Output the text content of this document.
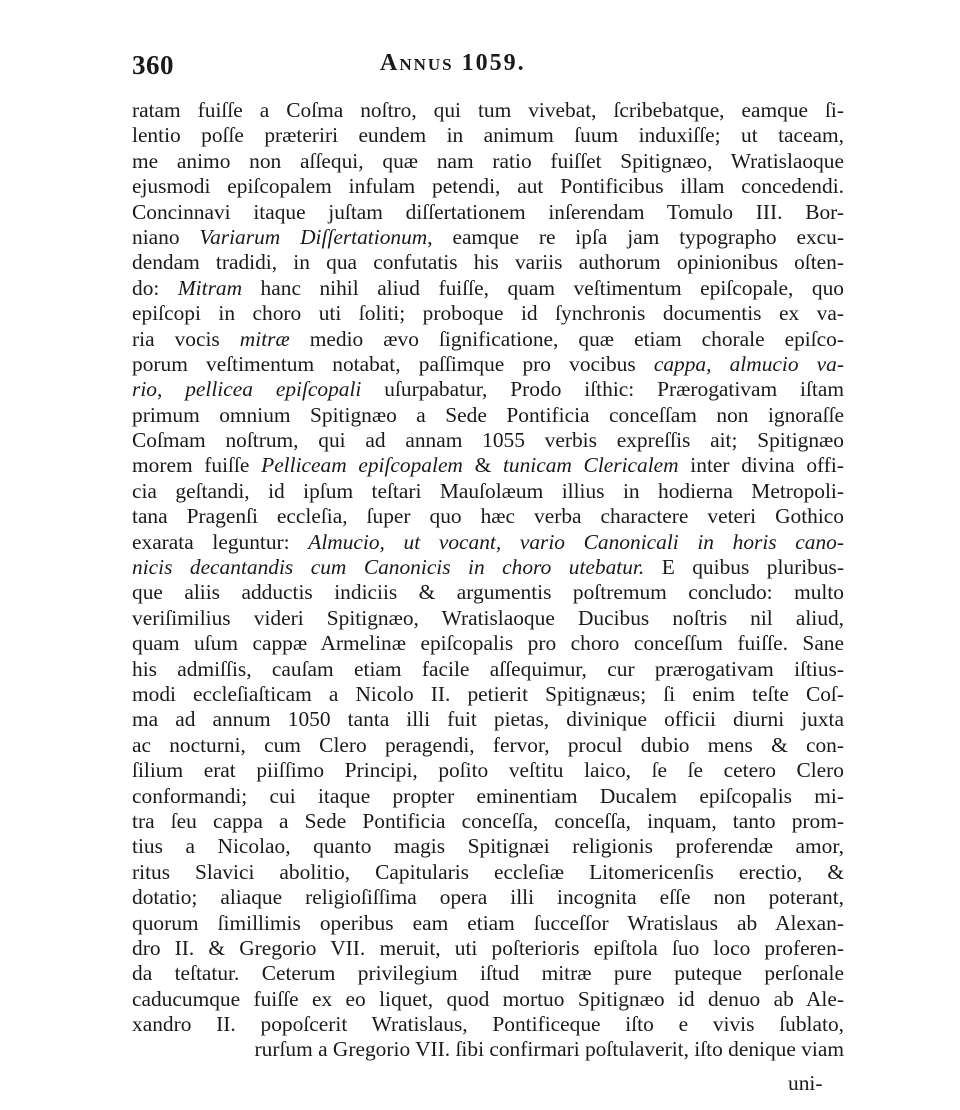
360	Annus 1059.
ratam fuiſſe a Coſma noſtro, qui tum vivebat, ſcribebatque, eamque ſi-
lentio poſſe præteriri eundem in animum ſuum induxiſſe; ut taceam,
me animo non aſſequi, quæ nam ratio fuiſſet Spitignæo, Wratislaoque
ejusmodi epiſcopalem infulam petendi, aut Pontificibus illam concedendi.
Concinnavi itaque juſtam diſſertationem inſerendam Tomulo III. Bor-
niano Variarum Diſſertationum, eamque re ipſa jam typographo excu-
dendam tradidi, in qua confutatis his variis authorum opinionibus oſten-
do: Mitram hanc nihil aliud fuiſſe, quam veſtimentum epiſcopale, quo
epiſcopi in choro uti ſoliti; proboque id ſynchronis documentis ex va-
ria vocis mitræ medio ævo ſignificatione, quæ etiam chorale epiſco-
porum veſtimentum notabat, paſſimque pro vocibus cappa, almucio va-
rio, pellicea epiſcopali uſurpabatur, Prodo iſthic: Prærogativam iſtam
primum omnium Spitignæo a Sede Pontificia conceſſam non ignoraſſe
Coſmam noſtrum, qui ad annam 1055 verbis expreſſis ait; Spitignæo
morem fuiſſe Pelliceam epiſcopalem & tunicam Clericalem inter divina offi-
cia geſtandi, id ipſum teſtari Mauſolæum illius in hodierna Metropoli-
tana Pragenſi eccleſia, ſuper quo hæc verba charactere veteri Gothico
exarata leguntur: Almucio, ut vocant, vario Canonicali in horis cano-
nicis decantandis cum Canonicis in choro utebatur. E quibus pluribus-
que aliis adductis indiciis & argumentis poſtremum concludo: multo
veriſimilius videri Spitignæo, Wratislaoque Ducibus noſtris nil aliud,
quam uſum cappæ Armelinæ epiſcopalis pro choro conceſſum fuiſſe. Sane
his admiſſis, cauſam etiam facile aſſequimur, cur prærogativam iſtius-
modi eccleſiaſticam a Nicolo II. petierit Spitignæus; ſi enim teſte Coſ-
ma ad annum 1050 tanta illi fuit pietas, divinique officii diurni juxta
ac nocturni, cum Clero peragendi, fervor, procul dubio mens & con-
ſilium erat piiſſimo Principi, poſito veſtitu laico, ſe ſe cetero Clero
conformandi; cui itaque propter eminentiam Ducalem epiſcopalis mi-
tra ſeu cappa a Sede Pontificia conceſſa, conceſſa, inquam, tanto prom-
tius a Nicolao, quanto magis Spitignæi religionis proferendæ amor,
ritus Slavici abolitio, Capitularis eccleſiæ Litomericenſis erectio, &
dotatio; aliaque religioſiſſima opera illi incognita eſſe non poterant,
quorum ſimillimis operibus eam etiam ſucceſſor Wratislaus ab Alexan-
dro II. & Gregorio VII. meruit, uti poſterioris epiſtola ſuo loco proferen-
da teſtatur. Ceterum privilegium iſtud mitræ pure puteque perſonale
caducumque fuiſſe ex eo liquet, quod mortuo Spitignæo id denuo ab Ale-
xandro II. popoſcerit Wratislaus, Pontificeque iſto e vivis ſublato,
rurſum a Gregorio VII. ſibi confirmari poſtulaverit, iſto denique viam
uni-
